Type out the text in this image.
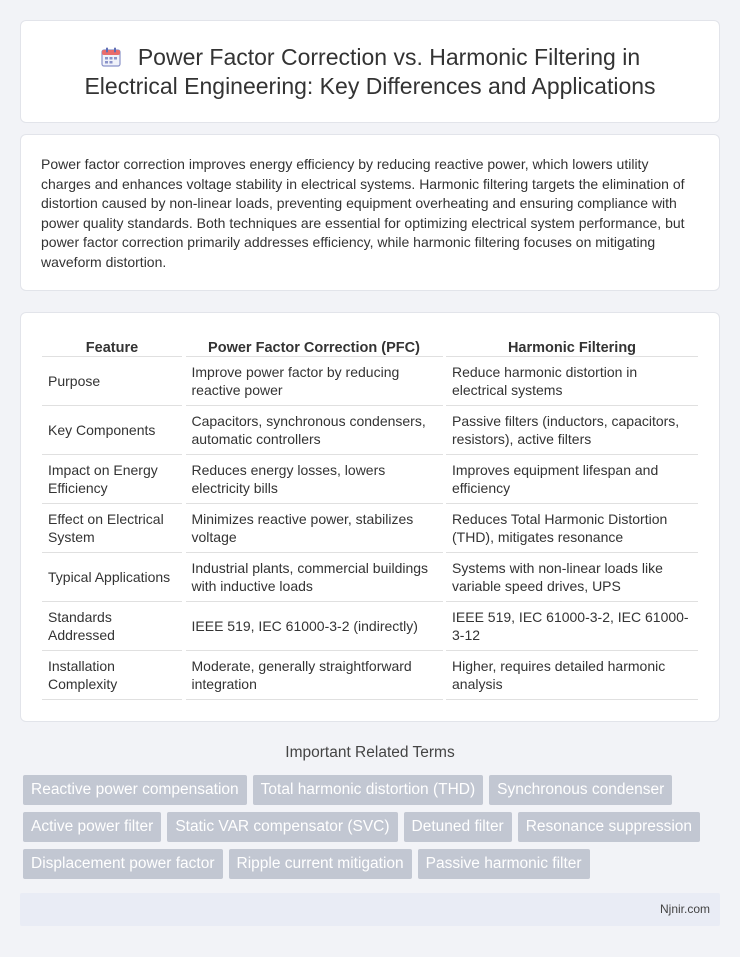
Power Factor Correction vs. Harmonic Filtering in Electrical Engineering: Key Differences and Applications

Power factor correction improves energy efficiency by reducing reactive power, which lowers utility charges and enhances voltage stability in electrical systems. Harmonic filtering targets the elimination of distortion caused by non-linear loads, preventing equipment overheating and ensuring compliance with power quality standards. Both techniques are essential for optimizing electrical system performance, but power factor correction primarily addresses efficiency, while harmonic filtering focuses on mitigating waveform distortion.

Feature		Power Factor Correction (PFC)		Harmonic Filtering
Purpose		Improve power factor by reducing reactive power		Reduce harmonic distortion in electrical systems
Key Components		Capacitors, synchronous condensers, automatic controllers		Passive filters (inductors, capacitors, resistors), active filters
Impact on Energy Efficiency		Reduces energy losses, lowers electricity bills		Improves equipment lifespan and efficiency
Effect on Electrical System		Minimizes reactive power, stabilizes voltage		Reduces Total Harmonic Distortion (THD), mitigates resonance
Typical Applications		Industrial plants, commercial buildings with inductive loads		Systems with non-linear loads like variable speed drives, UPS
Standards Addressed		IEEE 519, IEC 61000-3-2 (indirectly)		IEEE 519, IEC 61000-3-2, IEC 61000-3-12
Installation Complexity		Moderate, generally straightforward integration		Higher, requires detailed harmonic analysis
Important Related Terms
Reactive power compensation	Total harmonic distortion (THD)	Synchronous condenser
Active power filter	Static VAR compensator (SVC)	Detuned filter	Resonance suppression
Displacement power factor	Ripple current mitigation	Passive harmonic filter
Njnir.com
